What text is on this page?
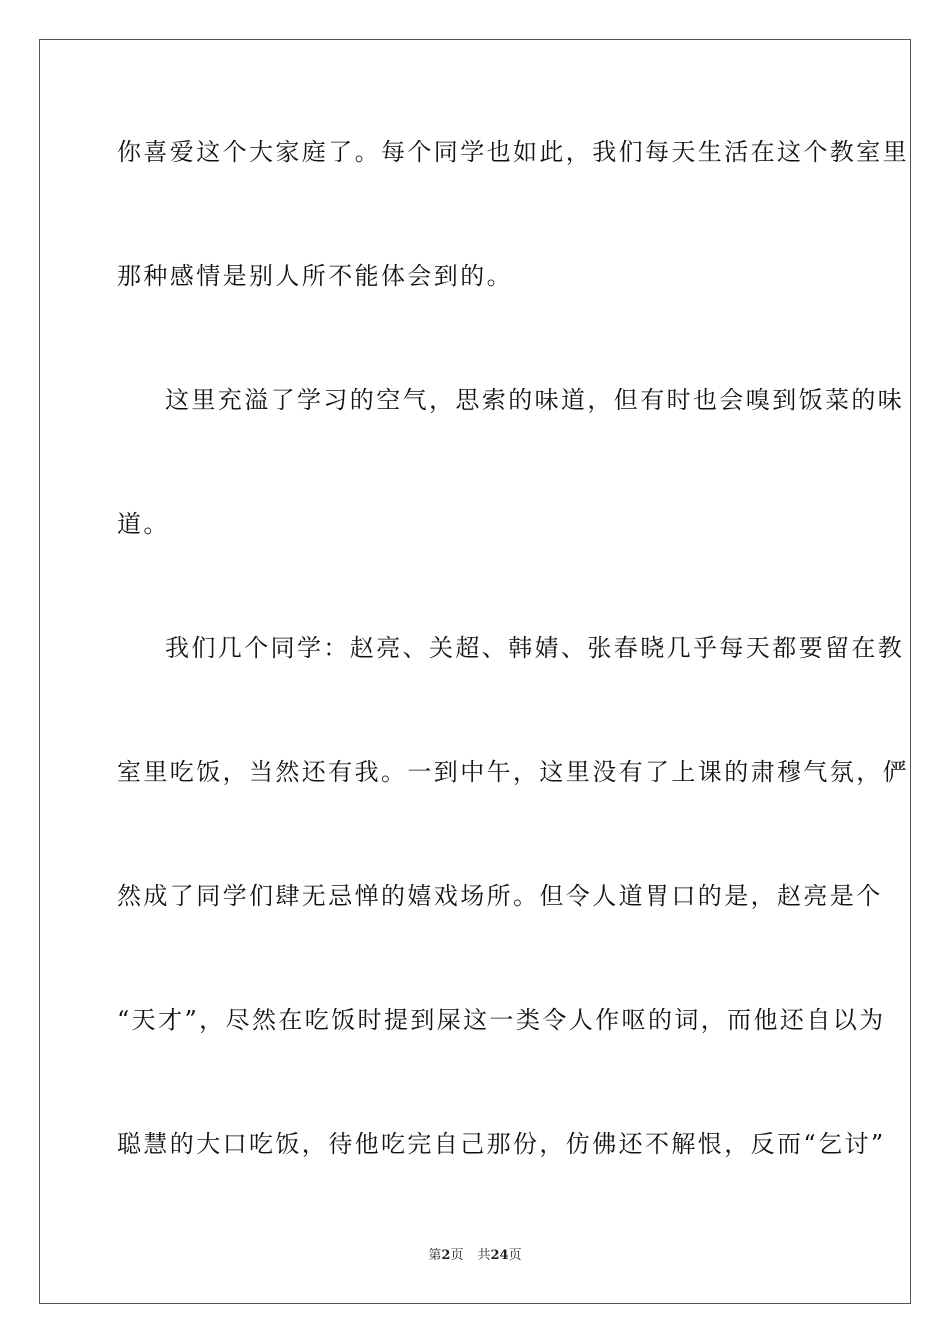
你喜爱这个大家庭了。每个同学也如此，我们每天生活在这个教室里

那种感情是别人所不能体会到的。

这里充溢了学习的空气，思索的味道，但有时也会嗅到饭菜的味

道。

我们几个同学：赵亮、关超、韩婧、张春晓几乎每天都要留在教

室里吃饭，当然还有我。一到中午，这里没有了上课的肃穆气氛，俨

然成了同学们肆无忌惮的嬉戏场所。但令人道胃口的是，赵亮是个

“天才”，尽然在吃饭时提到屎这一类令人作呕的词，而他还自以为

聪慧的大口吃饭，待他吃完自己那份，仿佛还不解恨，反而“乞讨”

第2页 共24页
